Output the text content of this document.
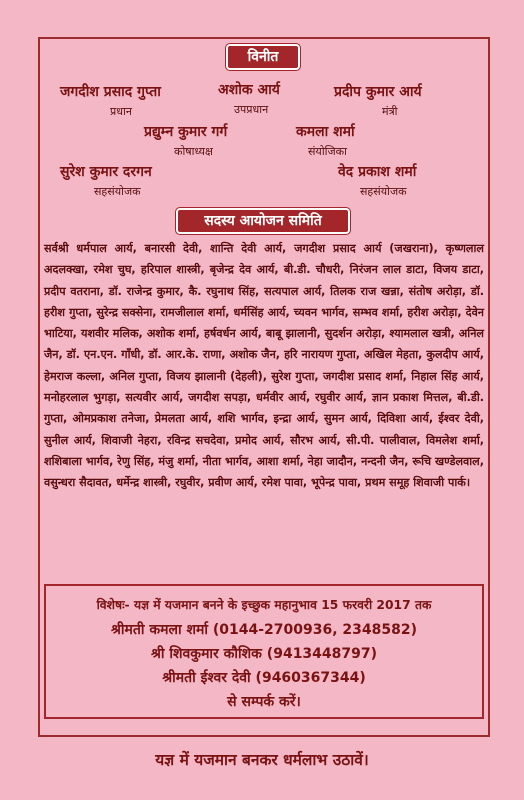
विनीत
जगदीश प्रसाद गुप्ता
प्रधान
अशोक आर्य
उपप्रधान
प्रदीप कुमार आर्य
मंत्री
प्रद्युम्न कुमार गर्ग
कोषाध्यक्ष
कमला शर्मा
संयोजिका
सुरेश कुमार दरगन
सहसंयोजक
वेद प्रकाश शर्मा
सहसंयोजक
सदस्य आयोजन समिति
सर्वश्री धर्मपाल आर्य, बनारसी देवी, शान्ति देवी आर्य, जगदीश प्रसाद आर्य (जखराना), कृष्णलाल अदलक्खा, रमेश चुघ, हरिपाल शास्त्री, बृजेन्द्र देव आर्य, बी.डी. चौधरी, निरंजन लाल डाटा, विजय डाटा, प्रदीप वतराना, डॉ. राजेन्द्र कुमार, कै. रघुनाथ सिंह, सत्यपाल आर्य, तिलक राज खन्ना, संतोष अरोड़ा, डॉ. हरीश गुप्ता, सुरेन्द्र सक्सेना, रामजीलाल शर्मा, धर्मसिंह आर्य, च्यवन भार्गव, सम्भव शर्मा, हरीश अरोड़ा, देवेन भाटिया, यशवीर मलिक, अशोक शर्मा, हर्षवर्धन आर्य, बाबू झालानी, सुदर्शन अरोड़ा, श्यामलाल खत्री, अनिल जैन, डॉ. एन.एन. गाँधी, डॉ. आर.के. राणा, अशोक जैन, हरि नारायण गुप्ता, अखिल मेहता, कुलदीप आर्य, हेमराज कल्ला, अनिल गुप्ता, विजय झालानी (देहली), सुरेश गुप्ता, जगदीश प्रसाद शर्मा, निहाल सिंह आर्य, मनोहरलाल भुगड़ा, सत्यवीर आर्य, जगदीश सपड़ा, धर्मवीर आर्य, रघुवीर आर्य, ज्ञान प्रकाश मित्तल, बी.डी. गुप्ता, ओमप्रकाश तनेजा, प्रेमलता आर्य, शशि भार्गव, इन्द्रा आर्य, सुमन आर्य, दिविशा आर्य, ईश्वर देवी, सुनील आर्य, शिवाजी नेहरा, रविन्द्र सचदेवा, प्रमोद आर्य, सौरभ आर्य, सी.पी. पालीवाल, विमलेश शर्मा, शशिबाला भार्गव, रेणु सिंह, मंजु शर्मा, नीता भार्गव, आशा शर्मा, नेहा जादौन, नन्दनी जैन, रूचि खण्डेलवाल, वसुन्धरा सैदावत, धर्मेन्द्र शास्त्री, रघुवीर, प्रवीण आर्य, रमेश पावा, भूपेन्द्र पावा, प्रथम समूह शिवाजी पार्क।
विशेषः- यज्ञ में यजमान बनने के इच्छुक महानुभाव 15 फरवरी 2017 तक
श्रीमती कमला शर्मा (0144-2700936, 2348582)
श्री शिवकुमार कौशिक (9413448797)
श्रीमती ईश्वर देवी (9460367344)
से सम्पर्क करें।
यज्ञ में यजमान बनकर धर्मलाभ उठावें।
